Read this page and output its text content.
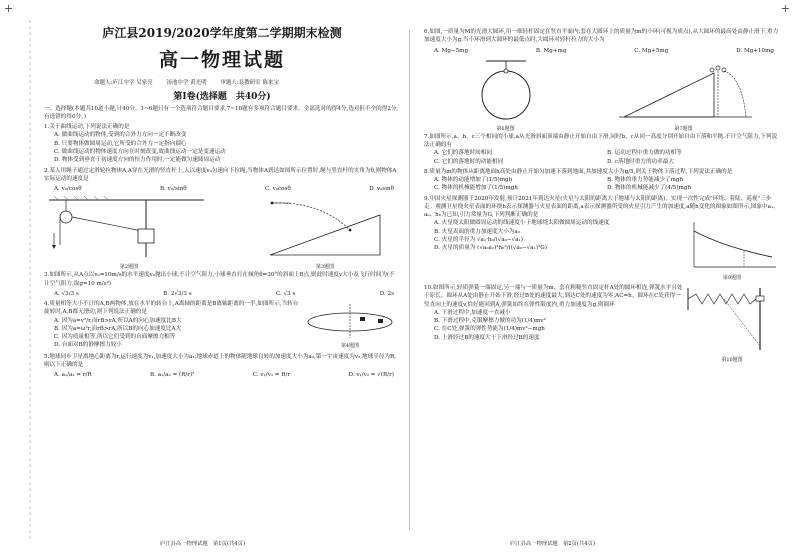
+	+
庐江县2019/2020学年度第二学期期末检测
高一物理试题
命题人:庐江中学 吴家亮	汤池中学 黄光明	审题人:县教研室 陈来宝
第Ⅰ卷(选择题　共40分)
一、选择题(本题共10道小题,计40分。1~6题只有一个选项符合题目要求,7~10题有多项符合题目要求。全部选对的得4分,选对但不全的得2分,有选错的得0分。)
1.关于曲线运动,下列说法正确的是
A. 做曲线运动的物体,受到的合外力方向一定不断改变
B. 只要物体做圆周运动,它所受的合外力一定指向圆心
C. 做曲线运动的物体速度方向在时刻改变,故曲线运动一定是变速运动
D. 物体受到垂直于初速度方向的恒力作用时,一定能做匀速圆周运动
2.某人用绳子通过定滑轮拉物体A,A穿在光滑的竖直杆上,人以速度v₀匀速向下拉绳,当物体A到达如图所示位置时,绳与竖直杆的夹角为θ,则物体A实际运动的速度是
A. v₀/cosθ	B. v₀/sinθ	C. v₀cosθ	D. v₀sinθ
第2题图	第3题图
3.如图所示,从A点以v₀=10m/s的水平速度v₀抛出小球,不计空气阻力,小球垂直打在倾角θ=30°的斜面上B点,则此时速度v大小及飞行时间为(不计空气阻力,取g=10 m/s²)
A. √3/3 s	B. 2√3/3 s	C. √3 s	D. 2s
4.质量相等大小不计的A,B两物体,放在水平的转台上,A离轴的距离是B离轴距离的一半,如图所示,当转台旋转时,A,B都无滑动,则下列说法正确的是
A. 因为a=v²/r,而rB>rA,所以A的向心加速度比B大
B. 因为a=ω²r,而rB>rA,所以B的向心加速度比A大
C. 因为质量相等,所以它们受到的台面摩擦力相等
D. 台面对B的静摩擦力较小	第4题图
5.地球同步卫星离地心距离为r,运行速度为v₁,加速度大小为a₁;地球赤道上的物体随地球自转的加速度大小为a₂,第一宇宙速度为v₂,地球半径为R,则以下正确的是
A. a₁/a₂ = r/R	B. a₁/a₂ = (R/r)²	C. v₁/v₂ = R/r	D. v₁/v₂ = √(R/r)
庐江县高一物理试题　第1页(共4页)
6.如图,一质量为M的光滑大圆环,用一细轻杆固定在竖直平面内;套在大圆环上的质量为m的小环(可视为质点),从大圆环的最高处由静止滑下,重力加速度大小为g.当小环滑到大圆环的最低点时,大圆环对轻杆拉力的大小为
A. Mg−5mg	B. Mg+mg	C. Mg+5mg	D. Mg+10mg
第6题图	第7题图
7.如图所示,a、b、c三个相同的小球,a从光滑斜面顶端由静止开始自由下滑,同时b、c从同一高度分别开始自由下落和平抛.不计空气阻力,下列说法正确的有
A. 它们的落地时间相同	B. 运动过程中重力做的功相等
C. 它们的落地时的动能相同	D. c落地时重力的功率最大
8.质量为m的物体从距离地面h高处由静止开始匀加速下落到地面,其加速度大小为g/5,则关于物体下落过程,下列说法正确的是
A. 物体的动能增加了(1/5)mgh	B. 物体的重力势能减少了mgh
C. 物体的机械能增加了(1/5)mgh	D. 物体的机械能减少了(4/5)mgh
9.中国火星探测器于2020年发射,预计2021年到达火星(火星与太阳的距离大于地球与太阳的距离)。实现一次性完成"环绕、着陆、巡视"三步走。观测卫星绕火星表面的环绕h表示探测器与火星表面的距离,a表示探测器所受的火星引力产生的加速度,a随h变化的图象如图所示,图象中a₁、a₀、h₀为已知,引力常量为G,下列判断正确的是
A. 火星绕太阳做圆周运动的线速度小于地球绕太阳做圆周运动的线速度
B. 火星表面的重力加速度大小为a₀
C. 火星的半径为 √a₁·h₀/(√a₀−√a₁)
D. 火星的质量为 (√a₀a₁)²h₀²/((√a₀−√a₁)²G)
第9题图
10.如图所示,轻质弹簧一端固定,另一端与一质量为m、套在粗糙竖直固定杆A处的圆环相连,弹簧水平且处于原长。圆环从A处由静止开始下滑,经过B处的速度最大,到达C处的速度为零,AC=h。圆环在C处获得一竖直向上的速度v,恰好能回到A,弹簧始终在弹性限度内,重力加速度为g,则圆环
A. 下滑过程中,加速度一直减小
B. 下滑过程中,克服摩擦力做的功为(1/4)mv²
C. 在C处,弹簧的弹性势能为(1/4)mv²−mgh
D. 上滑经过B的速度大于下滑经过B的速度
第10题图
庐江县高一物理试题　第2页(共4页)
